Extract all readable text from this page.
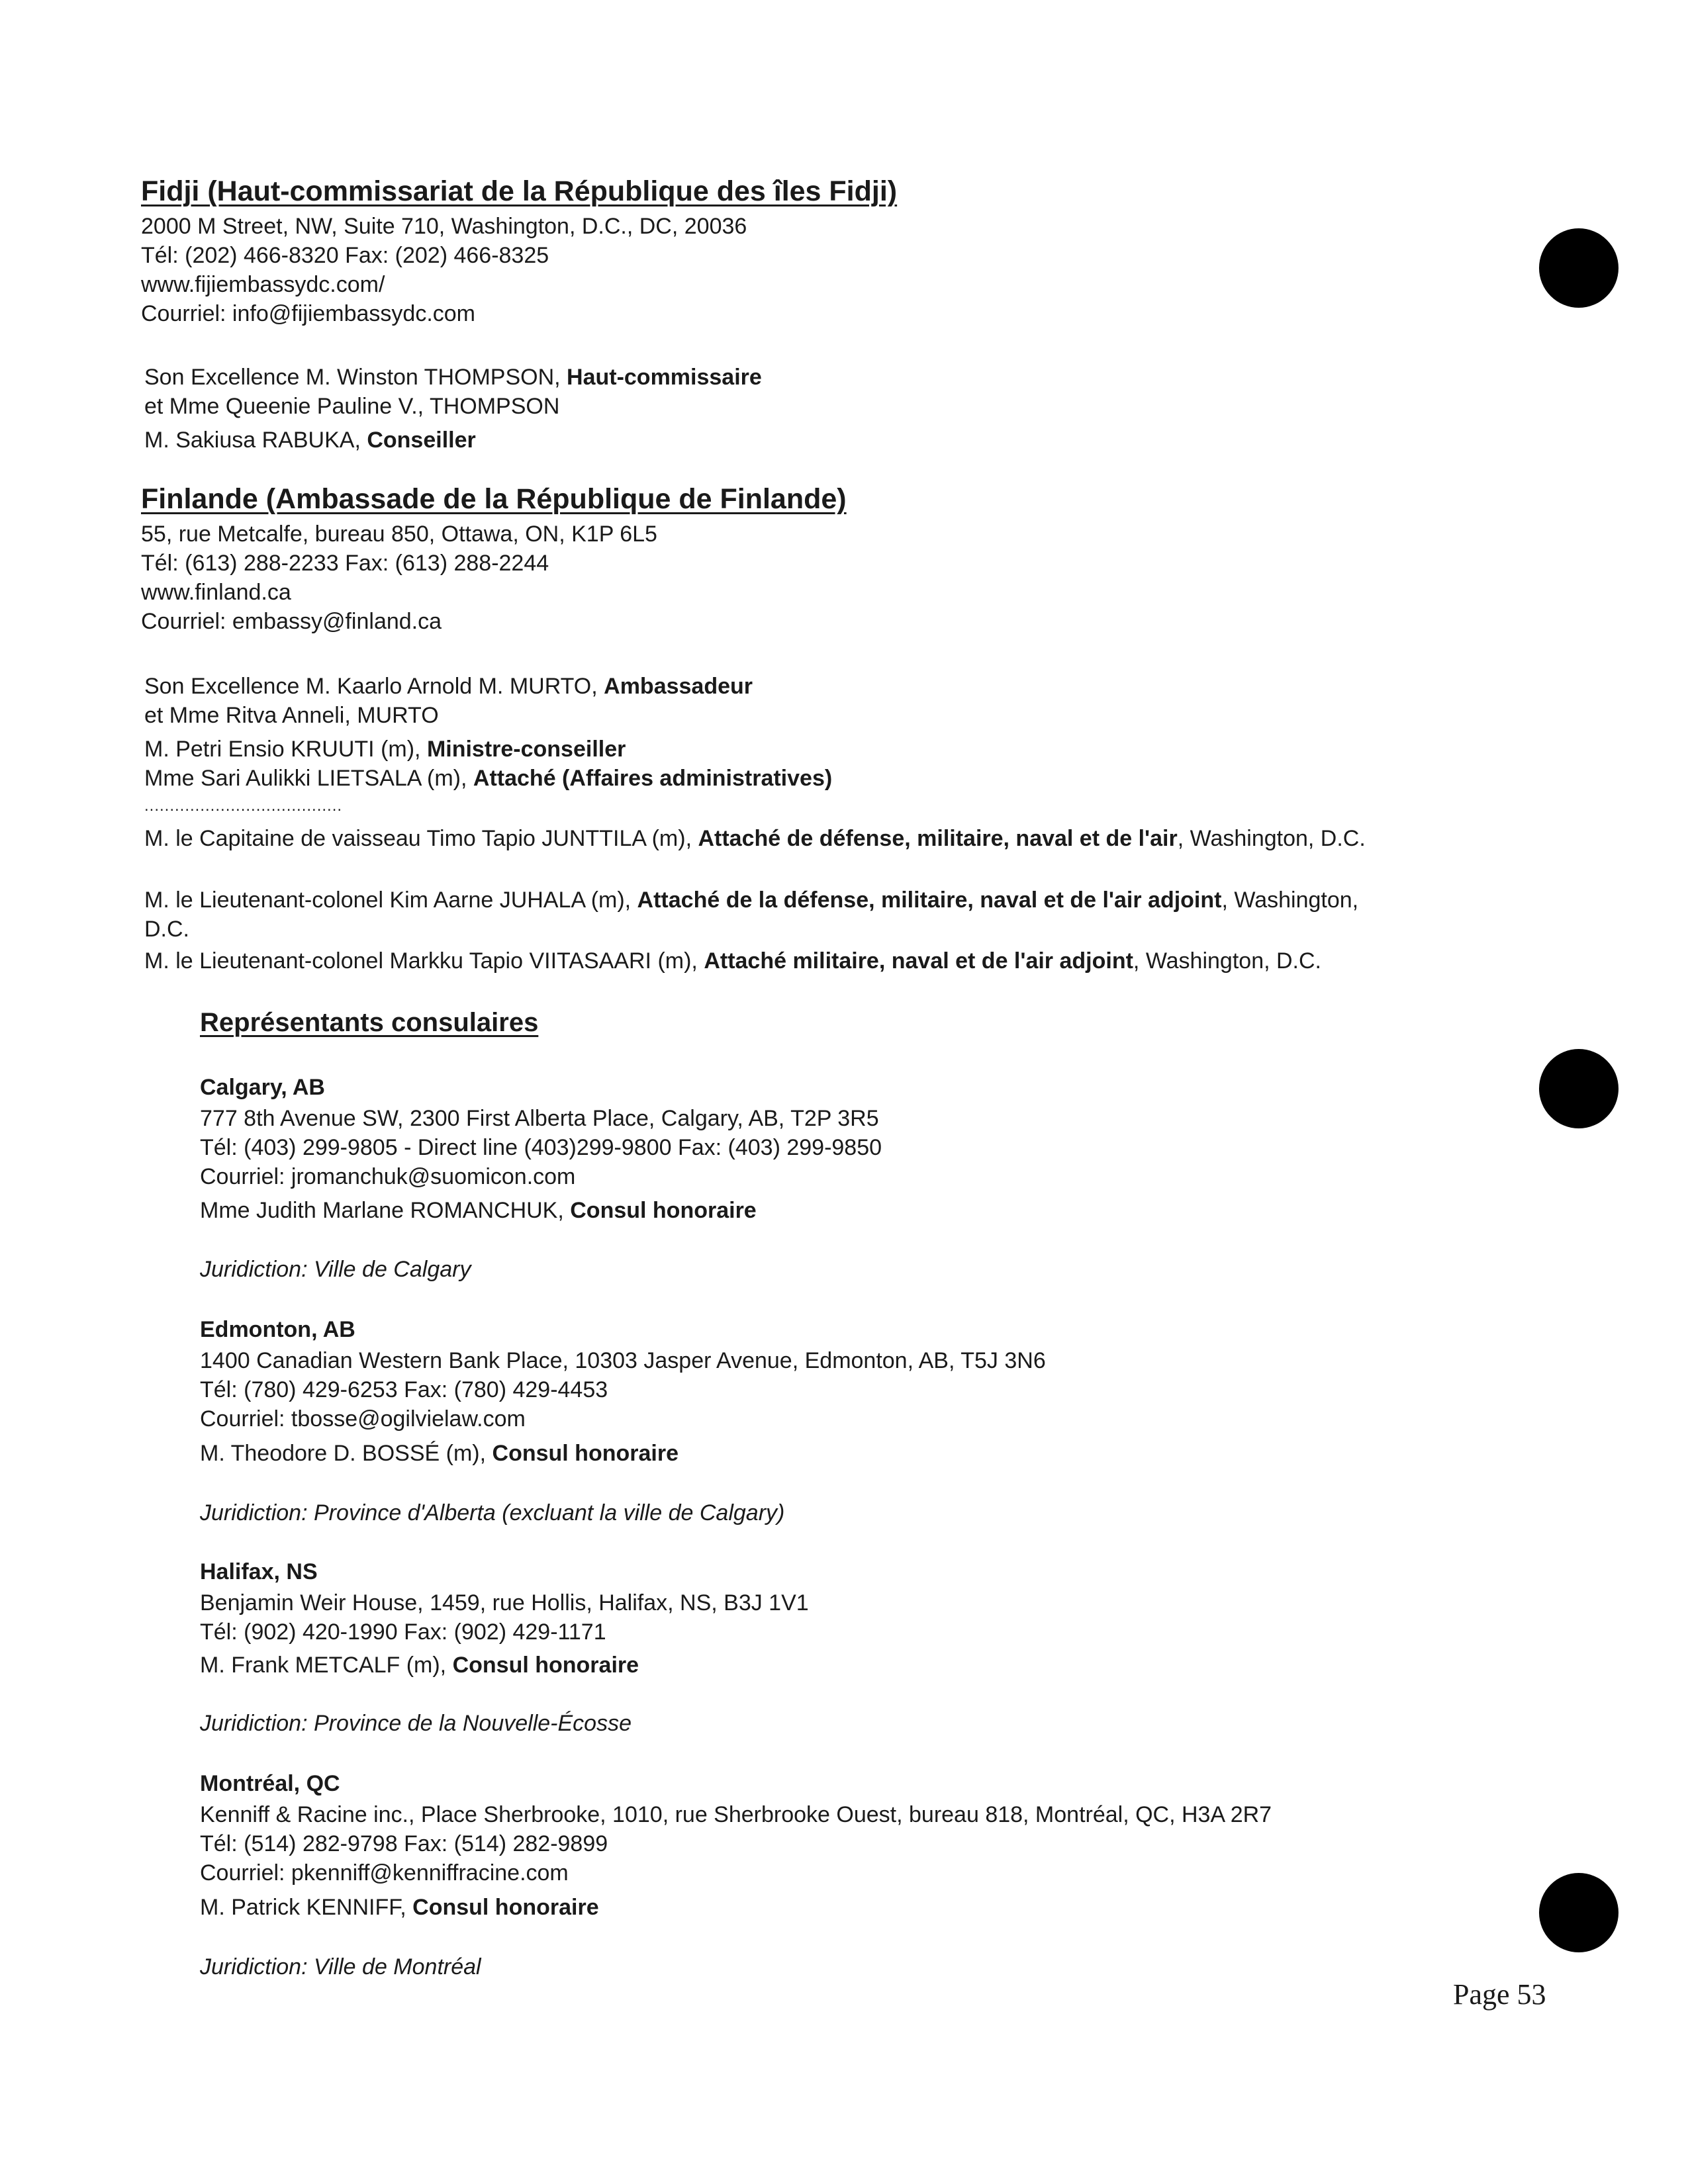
Fidji (Haut-commissariat de la République des îles Fidji)
2000 M Street, NW, Suite 710, Washington, D.C., DC, 20036
Tél: (202) 466-8320 Fax: (202) 466-8325
www.fijiembassydc.com/
Courriel: info@fijiembassydc.com
Son Excellence M. Winston THOMPSON, Haut-commissaire
et Mme Queenie Pauline V., THOMPSON
M. Sakiusa RABUKA, Conseiller
Finlande (Ambassade de la République de Finlande)
55, rue Metcalfe, bureau 850, Ottawa, ON, K1P 6L5
Tél: (613) 288-2233 Fax: (613) 288-2244
www.finland.ca
Courriel: embassy@finland.ca
Son Excellence M. Kaarlo Arnold M. MURTO, Ambassadeur
et Mme Ritva Anneli, MURTO
M. Petri Ensio KRUUTI (m), Ministre-conseiller
Mme Sari Aulikki LIETSALA (m), Attaché (Affaires administratives)
.......................................
M. le Capitaine de vaisseau Timo Tapio JUNTTILA (m), Attaché de défense, militaire, naval et de l'air, Washington, D.C.
M. le Lieutenant-colonel Kim Aarne JUHALA (m), Attaché de la défense, militaire, naval et de l'air adjoint, Washington,
D.C.
M. le Lieutenant-colonel Markku Tapio VIITASAARI (m), Attaché militaire, naval et de l'air adjoint, Washington, D.C.
Représentants consulaires
Calgary, AB
777 8th Avenue SW, 2300 First Alberta Place, Calgary, AB, T2P 3R5
Tél: (403) 299-9805 - Direct line (403)299-9800 Fax: (403) 299-9850
Courriel: jromanchuk@suomicon.com
Mme Judith Marlane ROMANCHUK, Consul honoraire
Juridiction: Ville de Calgary
Edmonton, AB
1400 Canadian Western Bank Place, 10303 Jasper Avenue, Edmonton, AB, T5J 3N6
Tél: (780) 429-6253 Fax: (780) 429-4453
Courriel: tbosse@ogilvielaw.com
M. Theodore D. BOSSÉ (m), Consul honoraire
Juridiction: Province d'Alberta (excluant la ville de Calgary)
Halifax, NS
Benjamin Weir House, 1459, rue Hollis, Halifax, NS, B3J 1V1
Tél: (902) 420-1990 Fax: (902) 429-1171
M. Frank METCALF (m), Consul honoraire
Juridiction: Province de la Nouvelle-Écosse
Montréal, QC
Kenniff & Racine inc., Place Sherbrooke, 1010, rue Sherbrooke Ouest, bureau 818, Montréal, QC, H3A 2R7
Tél: (514) 282-9798 Fax: (514) 282-9899
Courriel: pkenniff@kenniffracine.com
M. Patrick KENNIFF, Consul honoraire
Juridiction: Ville de Montréal
Page 53
